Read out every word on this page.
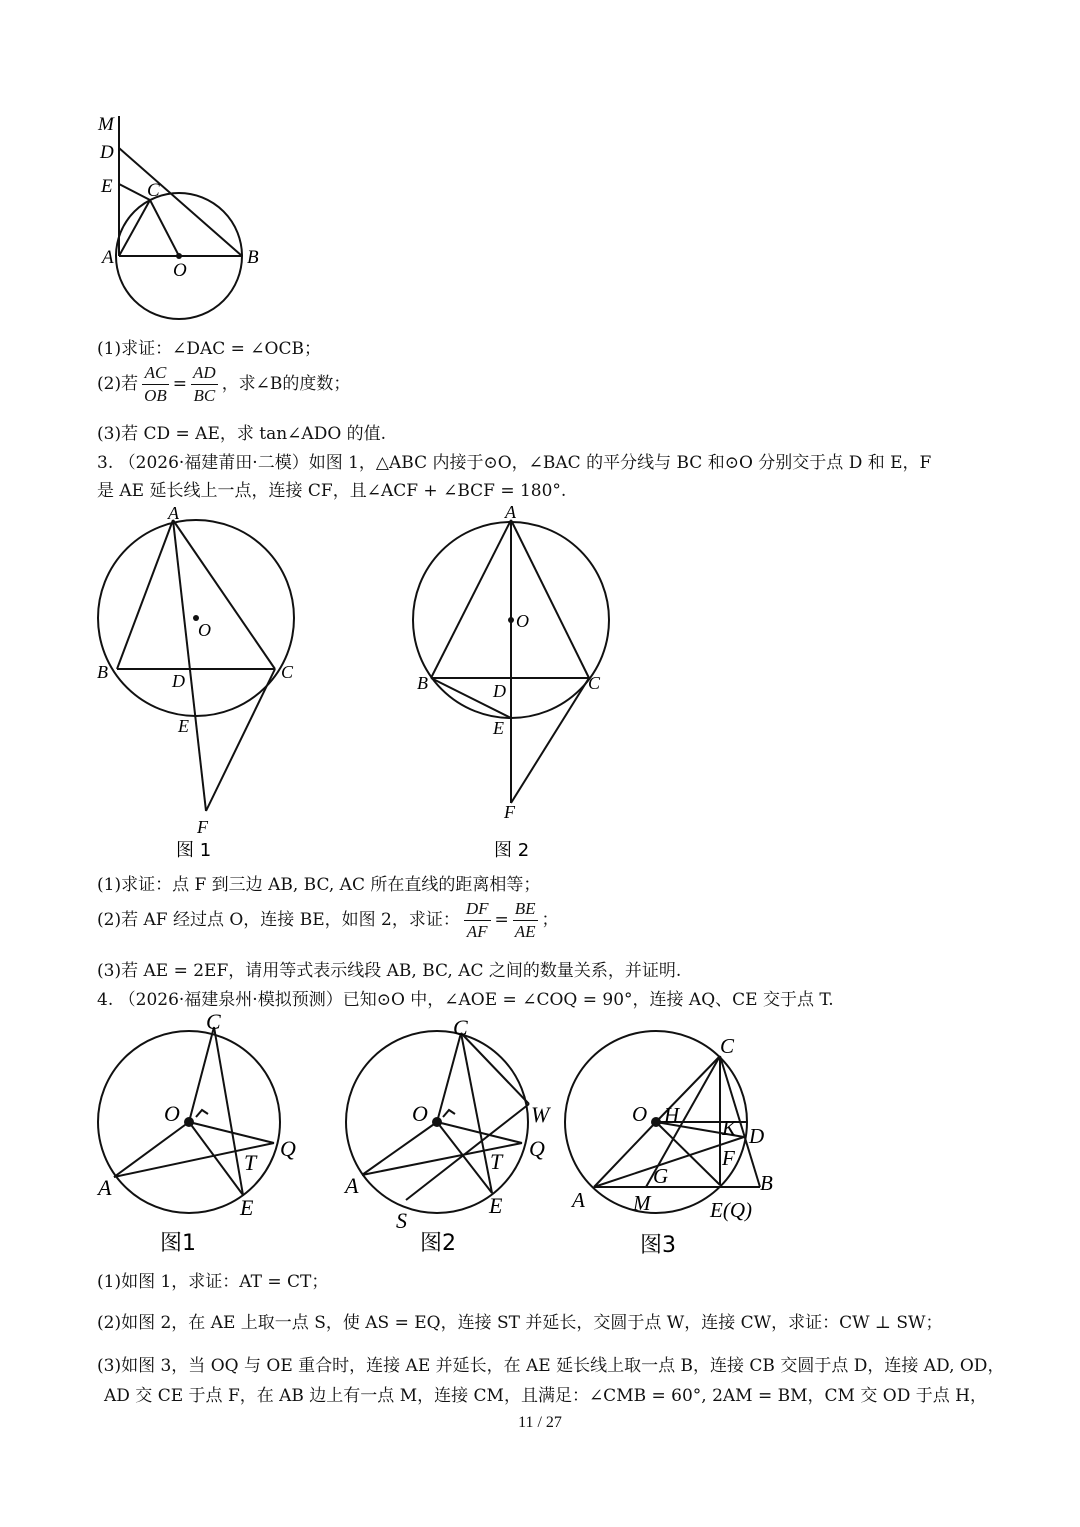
M
D
E C
A
O
B
(1)求证：∠DAC = ∠OCB；
(2)若 $\frac{AC}{OB} = \frac{AD}{BC}$ ，求∠B的度数；
(3)若 CD = AE，求 tan∠ADO 的值.
3. （2026·福建莆田·二模）如图 1，△ABC 内接于⊙O，∠BAC 的平分线与 BC 和⊙O 分别交于点 D 和 E，F
是 AE 延长线上一点，连接 CF，且∠ACF + ∠BCF = 180°.
A
O
B	D	C
E
F
图 1
A
O
B	D	C
E
F
图 2
(1)求证：点 F 到三边 AB, BC, AC 所在直线的距离相等；
(2)若 AF 经过点 O，连接 BE，如图 2，求证： $\frac{DF}{AF} = \frac{BE}{AE}$ ；
(3)若 AE = 2EF，请用等式表示线段 AB, BC, AC 之间的数量关系，并证明.
4. （2026·福建泉州·模拟预测）已知⊙O 中，∠AOE = ∠COQ = 90°，连接 AQ、CE 交于点 T.
C
O
Q
T
A
E
图1
C
O	W
Q
T
A
E
S
图2
C
O H
K D
F
G	B
A M	E(Q)
图3
(1)如图 1，求证：AT = CT；
(2)如图 2，在 AE 上取一点 S，使 AS = EQ，连接 ST 并延长，交圆于点 W，连接 CW，求证：CW ⊥ SW；
(3)如图 3，当 OQ 与 OE 重合时，连接 AE 并延长，在 AE 延长线上取一点 B，连接 CB 交圆于点 D，连接 AD, OD，
AD 交 CE 于点 F，在 AB 边上有一点 M，连接 CM，且满足：∠CMB = 60°, 2AM = BM，CM 交 OD 于点 H，
11 / 27
